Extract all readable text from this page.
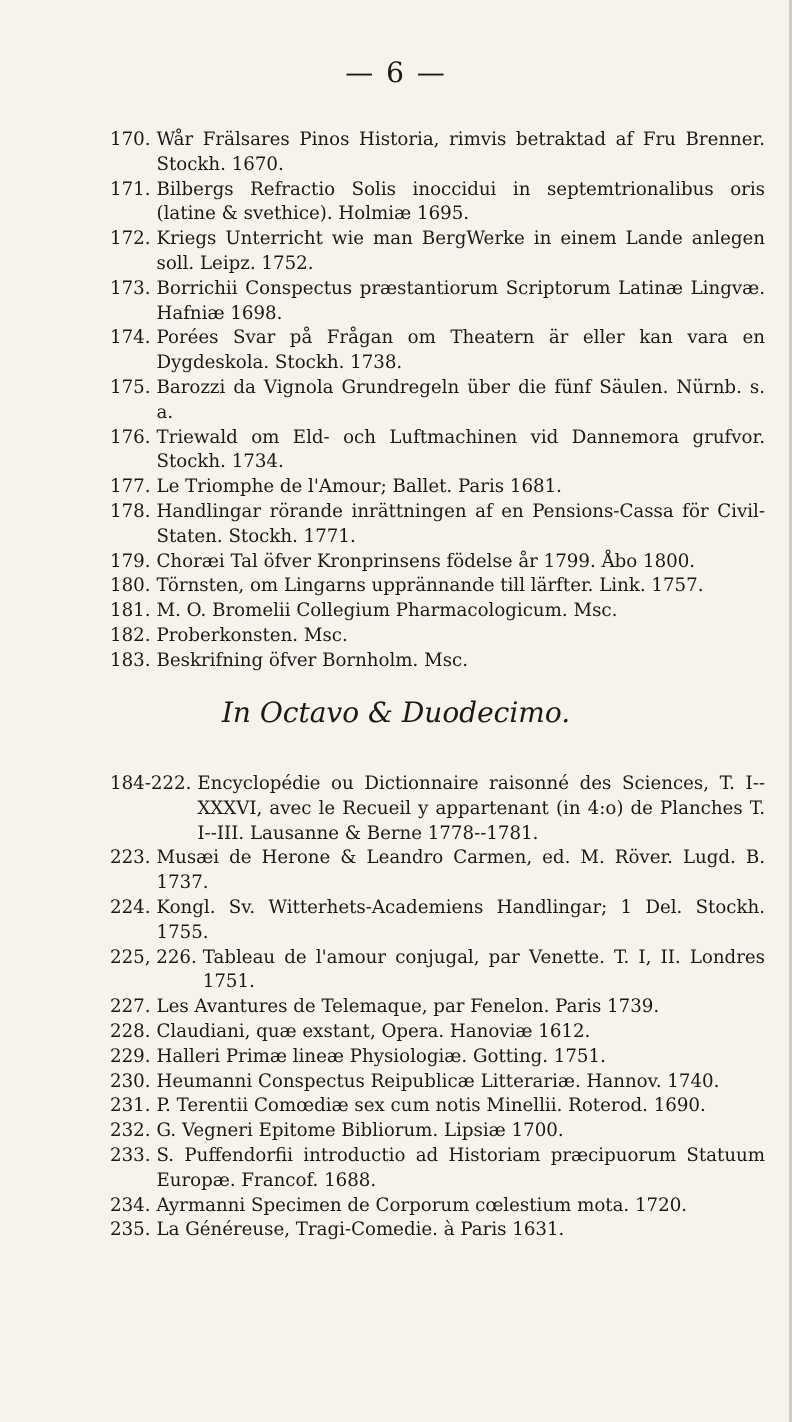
— 6 —
170. Wår Frälsares Pinos Historia, rimvis betraktad af Fru Brenner. Stockh. 1670.
171. Bilbergs Refractio Solis inoccidui in septemtrionalibus oris (latine & svethice). Holmiæ 1695.
172. Kriegs Unterricht wie man BergWerke in einem Lande anlegen soll. Leipz. 1752.
173. Borrichii Conspectus præstantiorum Scriptorum Latinæ Lingvæ. Hafniæ 1698.
174. Porées Svar på Frågan om Theatern är eller kan vara en Dygdeskola. Stockh. 1738.
175. Barozzi da Vignola Grundregeln über die fünf Säulen. Nürnb. s. a.
176. Triewald om Eld- och Luftmachinen vid Dannemora grufvor. Stockh. 1734.
177. Le Triomphe de l'Amour; Ballet. Paris 1681.
178. Handlingar rörande inrättningen af en Pensions-Cassa för Civil-Staten. Stockh. 1771.
179. Choræi Tal öfver Kronprinsens födelse år 1799. Åbo 1800.
180. Törnsten, om Lingarns upprännande till lärfter. Link. 1757.
181. M. O. Bromelii Collegium Pharmacologicum. Msc.
182. Proberkonsten. Msc.
183. Beskrifning öfver Bornholm. Msc.
In Octavo & Duodecimo.
184-222. Encyclopédie ou Dictionnaire raisonné des Sciences, T. I--XXXVI, avec le Recueil y appartenant (in 4:o) de Planches T. I--III. Lausanne & Berne 1778--1781.
223. Musæi de Herone & Leandro Carmen, ed. M. Röver. Lugd. B. 1737.
224. Kongl. Sv. Witterhets-Academiens Handlingar; 1 Del. Stockh. 1755.
225, 226. Tableau de l'amour conjugal, par Venette. T. I, II. Londres 1751.
227. Les Avantures de Telemaque, par Fenelon. Paris 1739.
228. Claudiani, quæ exstant, Opera. Hanoviæ 1612.
229. Halleri Primæ lineæ Physiologiæ. Gotting. 1751.
230. Heumanni Conspectus Reipublicæ Litterariæ. Hannov. 1740.
231. P. Terentii Comœdiæ sex cum notis Minellii. Roterod. 1690.
232. G. Vegneri Epitome Bibliorum. Lipsiæ 1700.
233. S. Puffendorfii introductio ad Historiam præcipuorum Statuum Europæ. Francof. 1688.
234. Ayrmanni Specimen de Corporum cœlestium mota. 1720.
235. La Généreuse, Tragi-Comedie. à Paris 1631.
